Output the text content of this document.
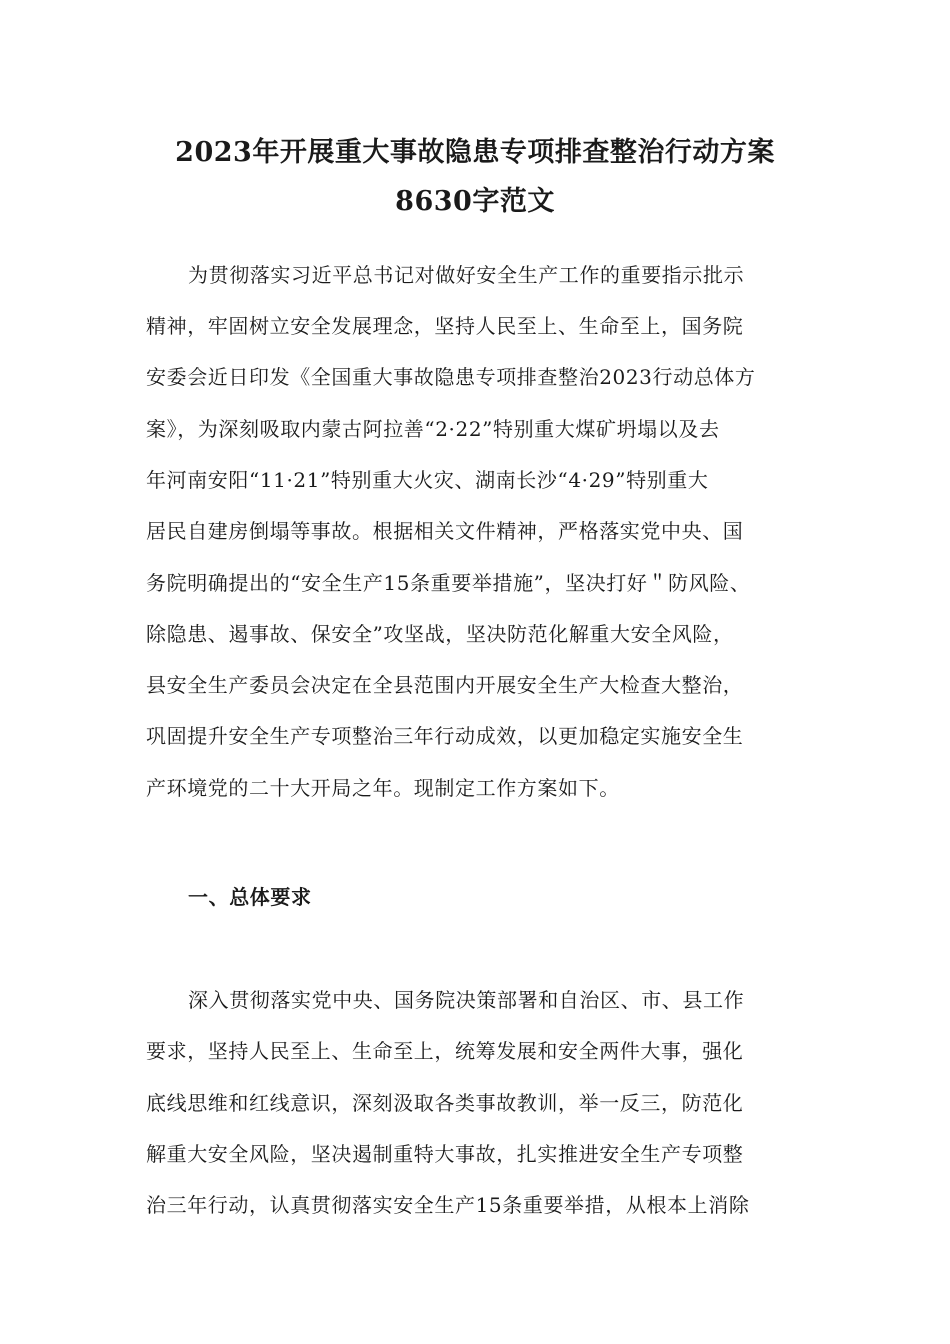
2023年开展重大事故隐患专项排查整治行动方案
8630字范文
为贯彻落实习近平总书记对做好安全生产工作的重要指示批示
精神，牢固树立安全发展理念，坚持人民至上、生命至上，国务院
安委会近日印发《全国重大事故隐患专项排查整治2023行动总体方
案》，为深刻吸取内蒙古阿拉善“2·22”特别重大煤矿坍塌以及去
年河南安阳“11·21”特别重大火灾、湖南长沙“4·29”特别重大
居民自建房倒塌等事故。根据相关文件精神，严格落实党中央、国
务院明确提出的“安全生产15条重要举措施”，坚决打好＂防风险、
除隐患、遏事故、保安全”攻坚战，坚决防范化解重大安全风险，
县安全生产委员会决定在全县范围内开展安全生产大检查大整治，
巩固提升安全生产专项整治三年行动成效，以更加稳定实施安全生
产环境党的二十大开局之年。现制定工作方案如下。
一、总体要求
深入贯彻落实党中央、国务院决策部署和自治区、市、县工作
要求，坚持人民至上、生命至上，统筹发展和安全两件大事，强化
底线思维和红线意识，深刻汲取各类事故教训，举一反三，防范化
解重大安全风险，坚决遏制重特大事故，扎实推进安全生产专项整
治三年行动，认真贯彻落实安全生产15条重要举措，从根本上消除
